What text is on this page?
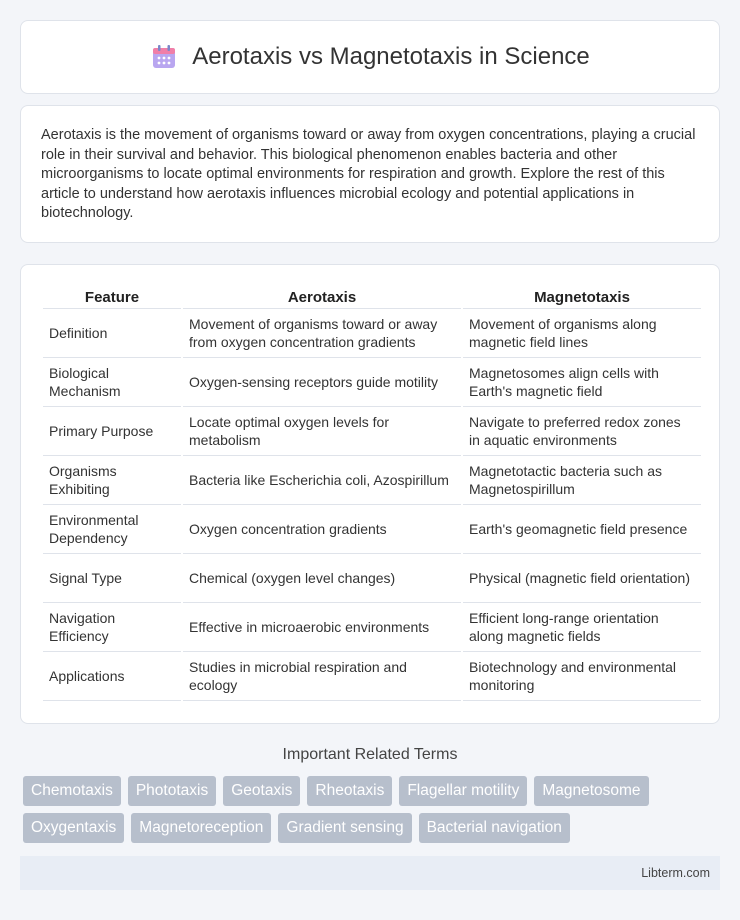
Aerotaxis vs Magnetotaxis in Science

Aerotaxis is the movement of organisms toward or away from oxygen concentrations, playing a crucial role in their survival and behavior. This biological phenomenon enables bacteria and other microorganisms to locate optimal environments for respiration and growth. Explore the rest of this article to understand how aerotaxis influences microbial ecology and potential applications in biotechnology.

Feature	Aerotaxis	Magnetotaxis
Definition	Movement of organisms toward or away from oxygen concentration gradients	Movement of organisms along magnetic field lines
Biological Mechanism	Oxygen-sensing receptors guide motility	Magnetosomes align cells with Earth's magnetic field
Primary Purpose	Locate optimal oxygen levels for metabolism	Navigate to preferred redox zones in aquatic environments
Organisms Exhibiting	Bacteria like Escherichia coli, Azospirillum	Magnetotactic bacteria such as Magnetospirillum
Environmental Dependency	Oxygen concentration gradients	Earth's geomagnetic field presence
Signal Type	Chemical (oxygen level changes)	Physical (magnetic field orientation)
Navigation Efficiency	Effective in microaerobic environments	Efficient long-range orientation along magnetic fields
Applications	Studies in microbial respiration and ecology	Biotechnology and environmental monitoring
Important Related Terms
Chemotaxis	Phototaxis	Geotaxis	Rheotaxis	Flagellar motility	Magnetosome
Oxygentaxis	Magnetoreception	Gradient sensing	Bacterial navigation
Libterm.com
